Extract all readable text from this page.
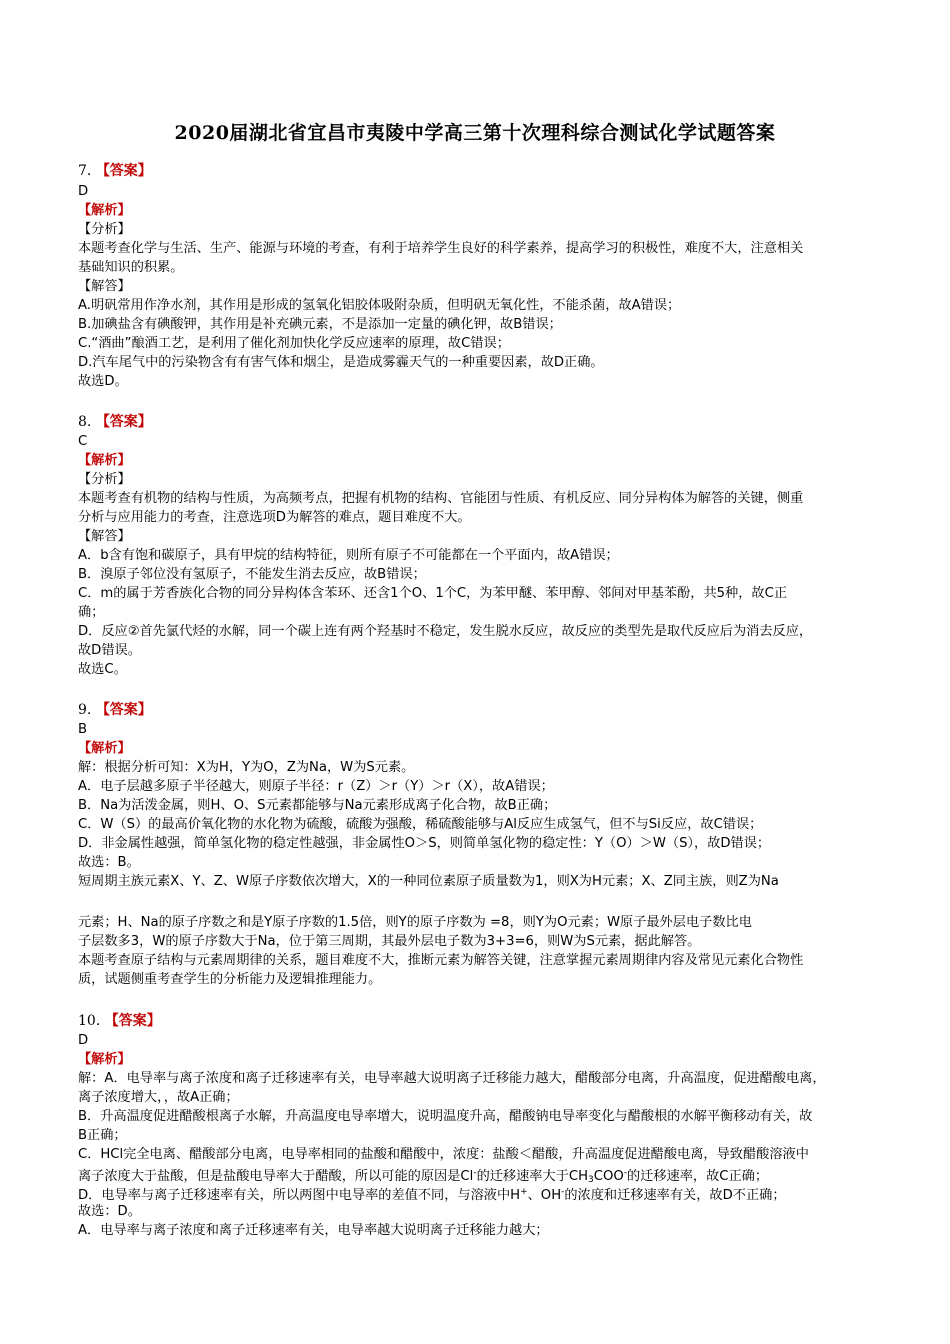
2020届湖北省宜昌市夷陵中学高三第十次理科综合测试化学试题答案
7. 【答案】
D
【解析】
【分析】
本题考查化学与生活、生产、能源与环境的考查，有利于培养学生良好的科学素养，提高学习的积极性，难度不大，注意相关
基础知识的积累。
【解答】
A.明矾常用作净水剂，其作用是形成的氢氧化铝胶体吸附杂质，但明矾无氧化性，不能杀菌，故A错误；
B.加碘盐含有碘酸钾，其作用是补充碘元素，不是添加一定量的碘化钾，故B错误；
C.“酒曲”酿酒工艺，是利用了催化剂加快化学反应速率的原理，故C错误；
D.汽车尾气中的污染物含有有害气体和烟尘，是造成雾霾天气的一种重要因素，故D正确。
故选D。
8. 【答案】
C
【解析】
【分析】
本题考查有机物的结构与性质，为高频考点，把握有机物的结构、官能团与性质、有机反应、同分异构体为解答的关键，侧重
分析与应用能力的考查，注意选项D为解答的难点，题目难度不大。
【解答】
A．b含有饱和碳原子，具有甲烷的结构特征，则所有原子不可能都在一个平面内，故A错误；
B．溴原子邻位没有氢原子，不能发生消去反应，故B错误；
C．m的属于芳香族化合物的同分异构体含苯环、还含1个O、1个C，为苯甲醚、苯甲醇、邻间对甲基苯酚，共5种，故C正
确；
D．反应②首先氯代烃的水解，同一个碳上连有两个羟基时不稳定，发生脱水反应，故反应的类型先是取代反应后为消去反应，
故D错误。
故选C。
9. 【答案】
B
【解析】
解：根据分析可知：X为H，Y为O，Z为Na，W为S元素。
A．电子层越多原子半径越大，则原子半径：r（Z）＞r（Y）＞r（X），故A错误；
B．Na为活泼金属，则H、O、S元素都能够与Na元素形成离子化合物，故B正确；
C．W（S）的最高价氧化物的水化物为硫酸，硫酸为强酸，稀硫酸能够与Al反应生成氢气，但不与Si反应，故C错误；
D．非金属性越强，简单氢化物的稳定性越强，非金属性O＞S，则简单氢化物的稳定性：Y（O）＞W（S），故D错误；
故选：B。
短周期主族元素X、Y、Z、W原子序数依次增大，X的一种同位素原子质量数为1，则X为H元素；X、Z同主族，则Z为Na
元素；H、Na的原子序数之和是Y原子序数的1.5倍，则Y的原子序数为 =8，则Y为O元素；W原子最外层电子数比电
子层数多3，W的原子序数大于Na，位于第三周期，其最外层电子数为3+3=6，则W为S元素，据此解答。
本题考查原子结构与元素周期律的关系，题目难度不大，推断元素为解答关键，注意掌握元素周期律内容及常见元素化合物性
质，试题侧重考查学生的分析能力及逻辑推理能力。
10. 【答案】
D
【解析】
解：A．电导率与离子浓度和离子迁移速率有关，电导率越大说明离子迁移能力越大，醋酸部分电离，升高温度，促进醋酸电离，
离子浓度增大，，故A正确；
B．升高温度促进醋酸根离子水解，升高温度电导率增大，说明温度升高，醋酸钠电导率变化与醋酸根的水解平衡移动有关，故
B正确；
C．HCl完全电离、醋酸部分电离，电导率相同的盐酸和醋酸中，浓度：盐酸＜醋酸，升高温度促进醋酸电离，导致醋酸溶液中
离子浓度大于盐酸，但是盐酸电导率大于醋酸，所以可能的原因是Cl-的迁移速率大于$CH_3COO^-$的迁移速率，故C正确；
D．电导率与离子迁移速率有关，所以两图中电导率的差值不同，与溶液中H+、OH-的浓度和迁移速率有关，故D不正确；
故选：D。
A．电导率与离子浓度和离子迁移速率有关，电导率越大说明离子迁移能力越大；
